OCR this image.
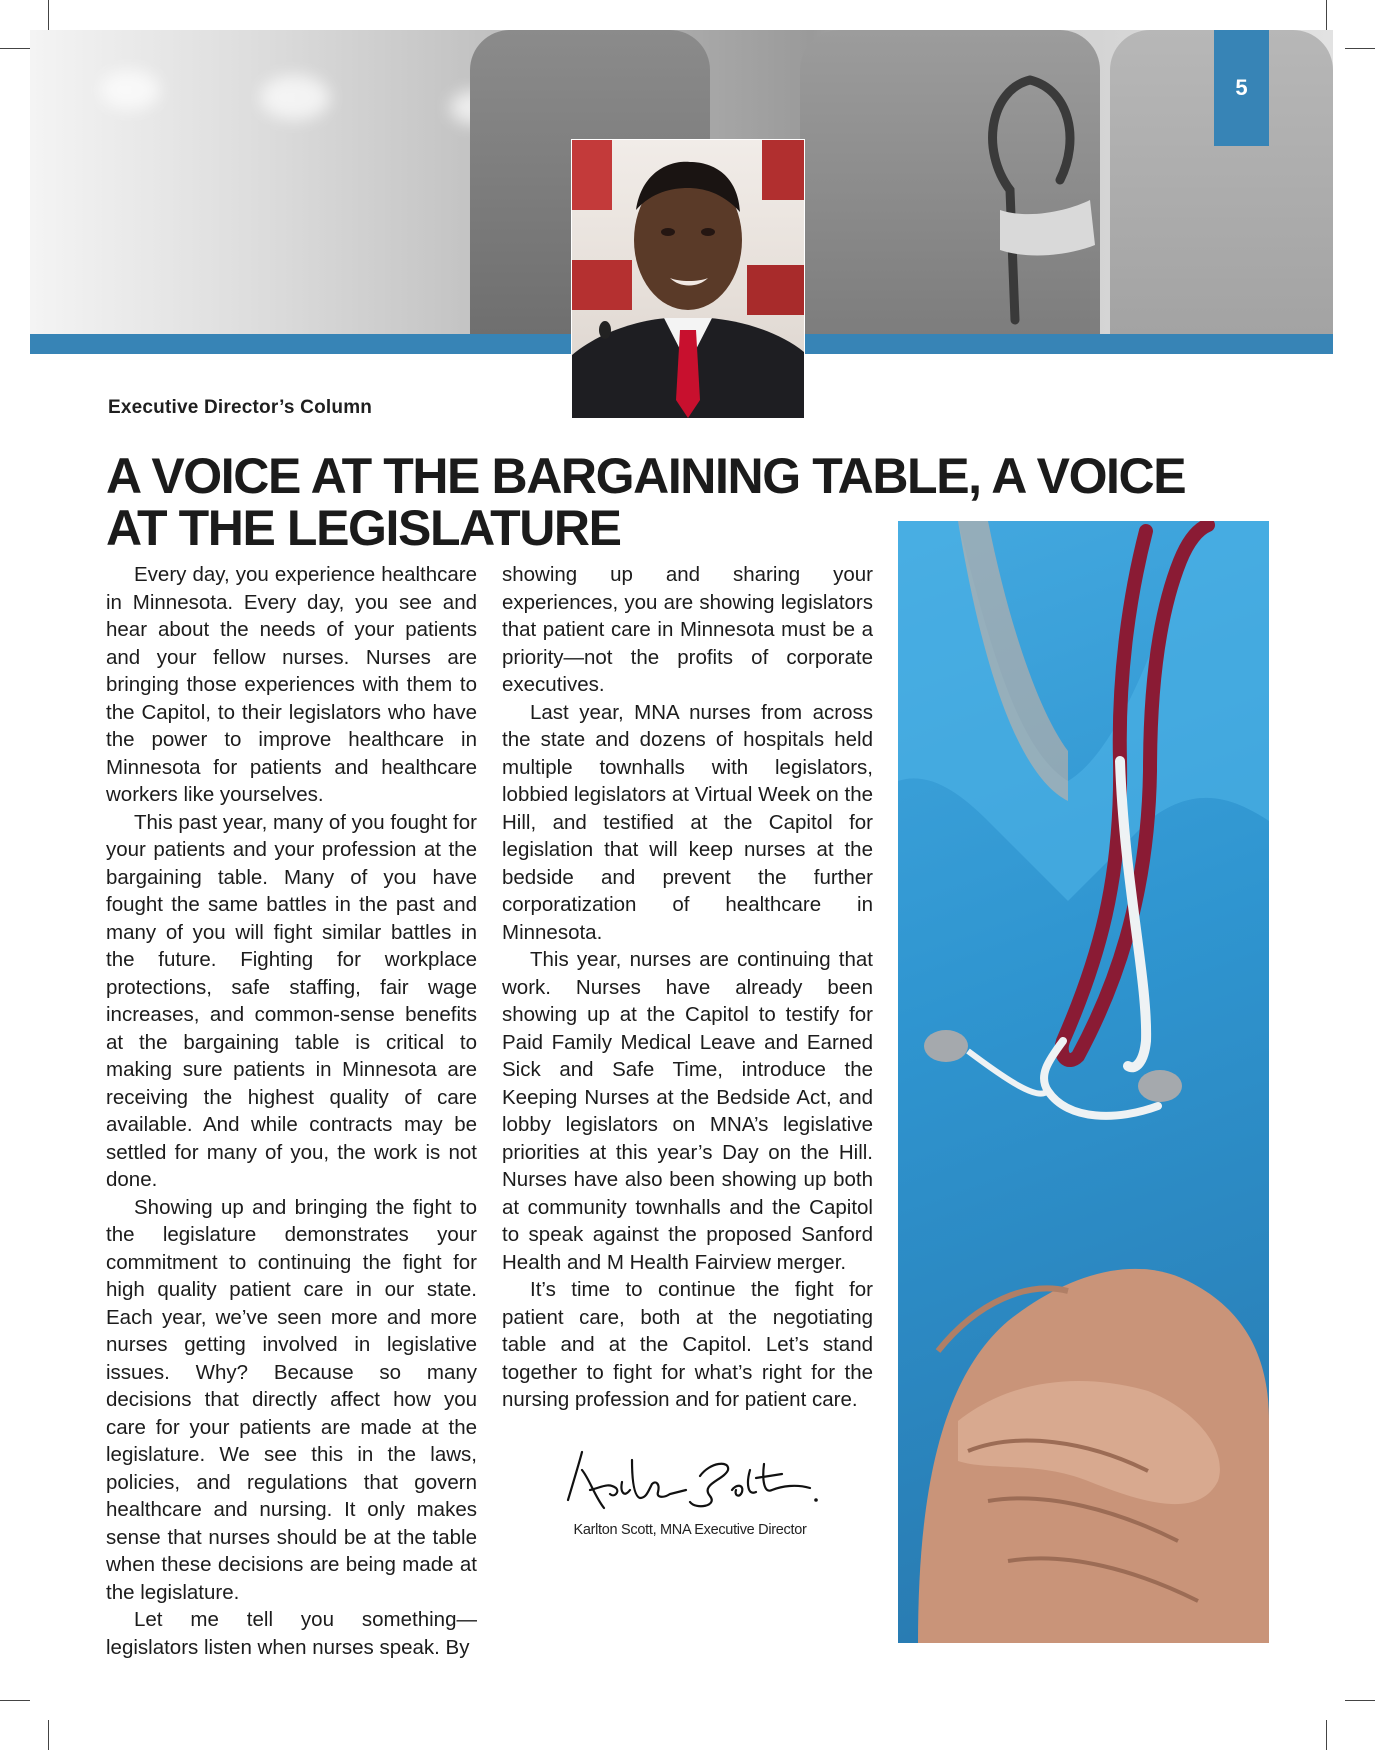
5
Executive Director’s Column
A VOICE AT THE BARGAINING TABLE, A VOICE AT THE LEGISLATURE

Every day, you experience healthcare in Minnesota. Every day, you see and hear about the needs of your patients and your fellow nurses. Nurses are bringing those experiences with them to the Capitol, to their legislators who have the power to improve healthcare in Minnesota for patients and healthcare workers like yourselves.

This past year, many of you fought for your patients and your profession at the bargaining table. Many of you have fought the same battles in the past and many of you will fight similar battles in the future. Fighting for workplace protections, safe staffing, fair wage increases, and common-sense benefits at the bargaining table is critical to making sure patients in Minnesota are receiving the highest quality of care available. And while contracts may be settled for many of you, the work is not done.

Showing up and bringing the fight to the legislature demonstrates your commitment to continuing the fight for high quality patient care in our state. Each year, we’ve seen more and more nurses getting involved in legislative issues. Why? Because so many decisions that directly affect how you care for your patients are made at the legislature. We see this in the laws, policies, and regulations that govern healthcare and nursing. It only makes sense that nurses should be at the table when these decisions are being made at the legislature.

Let me tell you something—legislators listen when nurses speak. By

showing up and sharing your experiences, you are showing legislators that patient care in Minnesota must be a priority—not the profits of corporate executives.

Last year, MNA nurses from across the state and dozens of hospitals held multiple townhalls with legislators, lobbied legislators at Virtual Week on the Hill, and testified at the Capitol for legislation that will keep nurses at the bedside and prevent the further corporatization of healthcare in Minnesota.

This year, nurses are continuing that work. Nurses have already been showing up at the Capitol to testify for Paid Family Medical Leave and Earned Sick and Safe Time, introduce the Keeping Nurses at the Bedside Act, and lobby legislators on MNA’s legislative priorities at this year’s Day on the Hill. Nurses have also been showing up both at community townhalls and the Capitol to speak against the proposed Sanford Health and M Health Fairview merger.

It’s time to continue the fight for patient care, both at the negotiating table and at the Capitol. Let’s stand together to fight for what’s right for the nursing profession and for patient care.

Karlton Scott, MNA Executive Director
